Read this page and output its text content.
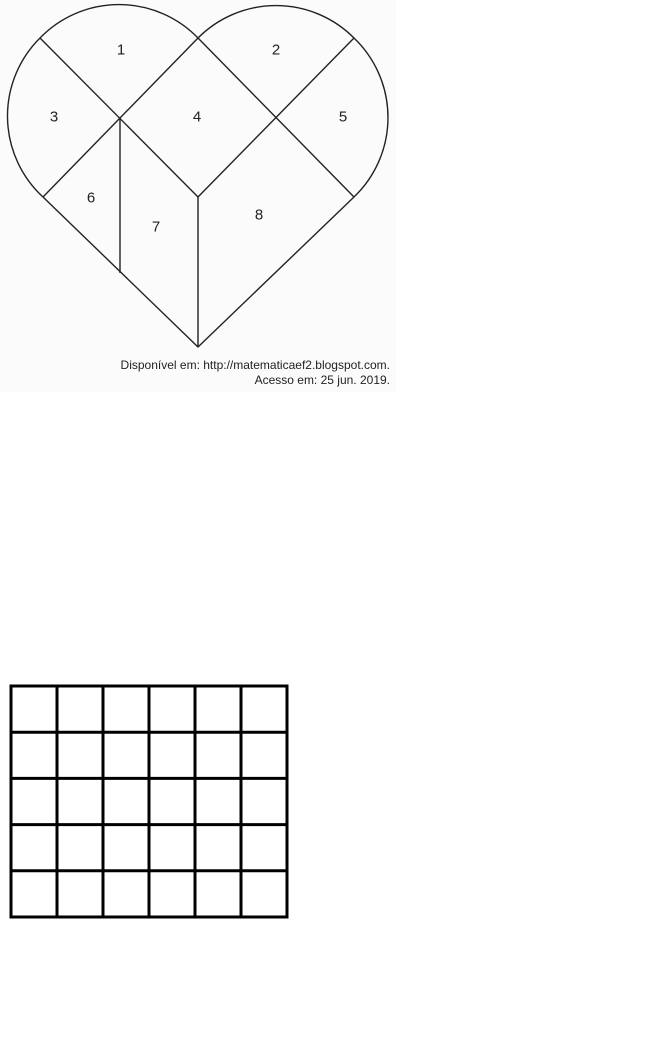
1	2
3	4	5
6
7
8
Disponível em: http://matematicaef2.blogspot.com.
Acesso em: 25 jun. 2019.
